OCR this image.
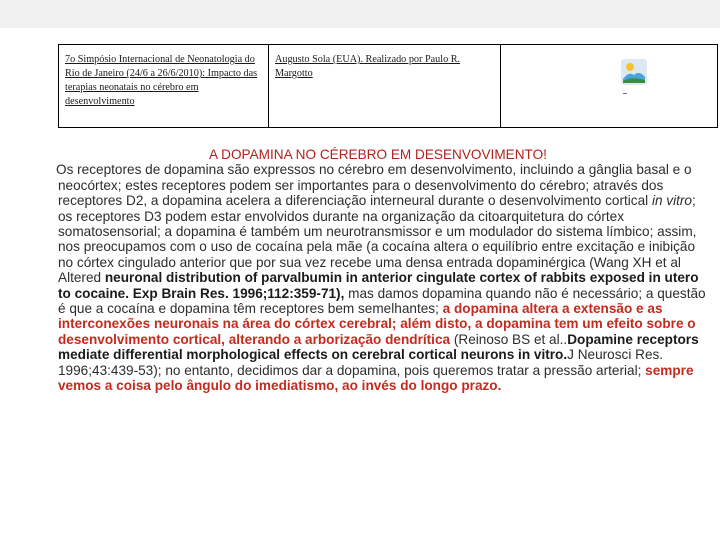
7o Simpósio Internacional de Neonatologia do Rio de Janeiro (24/6 a 26/6/2010): Impacto das terapias neonatais no cérebro em desenvolvimento
Augusto Sola (EUA). Realizado por Paulo R. Margotto
A DOPAMINA NO CÉREBRO EM DESENVOVIMENTO!
Os receptores de dopamina são expressos no cérebro em desenvolvimento, incluindo a gânglia basal e o neocórtex; estes receptores podem ser importantes para o desenvolvimento do cérebro; através dos receptores D2, a dopamina acelera a diferenciação interneural durante o desenvolvimento cortical in vitro; os receptores D3 podem estar envolvidos durante na organização da citoarquitetura do córtex somatosensorial; a dopamina é também um neurotransmissor e um modulador do sistema límbico; assim, nos preocupamos com o uso de cocaína pela mãe (a cocaína altera o equilíbrio entre excitação e inibição no córtex cingulado anterior que por sua vez recebe uma densa entrada dopaminérgica (Wang XH et al Altered neuronal distribution of parvalbumin in anterior cingulate cortex of rabbits exposed in utero to cocaine. Exp Brain Res. 1996;112:359-71), mas damos dopamina quando não é necessário; a questão é que a cocaína e dopamina têm receptores bem semelhantes; a dopamina altera a extensão e as interconexões neuronais na área do córtex cerebral; além disto, a dopamina tem um efeito sobre o desenvolvimento cortical, alterando a arborização dendrítica (Reinoso BS et al..Dopamine receptors mediate differential morphological effects on cerebral cortical neurons in vitro.J Neurosci Res. 1996;43:439-53); no entanto, decidimos dar a dopamina, pois queremos tratar a pressão arterial; sempre vemos a coisa pelo ângulo do imediatismo, ao invés do longo prazo.
